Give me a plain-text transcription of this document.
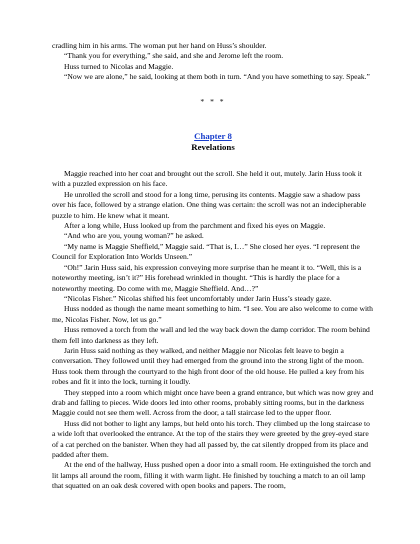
cradling him in his arms. The woman put her hand on Huss’s shoulder.

“Thank you for everything,” she said, and she and Jerome left the room.

Huss turned to Nicolas and Maggie.

“Now we are alone,” he said, looking at them both in turn. “And you have something to say. Speak.”

* * *
Chapter 8
Revelations

Maggie reached into her coat and brought out the scroll. She held it out, mutely. Jarin Huss took it with a puzzled expression on his face.

He unrolled the scroll and stood for a long time, perusing its contents. Maggie saw a shadow pass over his face, followed by a strange elation. One thing was certain: the scroll was not an indecipherable puzzle to him. He knew what it meant.

After a long while, Huss looked up from the parchment and fixed his eyes on Maggie.

“And who are you, young woman?” he asked.

“My name is Maggie Sheffield,” Maggie said. “That is, I…” She closed her eyes. “I represent the Council for Exploration Into Worlds Unseen.”

“Oh!” Jarin Huss said, his expression conveying more surprise than he meant it to. “Well, this is a noteworthy meeting, isn’t it?” His forehead wrinkled in thought. “This is hardly the place for a noteworthy meeting. Do come with me, Maggie Sheffield. And…?”

“Nicolas Fisher.” Nicolas shifted his feet uncomfortably under Jarin Huss’s steady gaze.

Huss nodded as though the name meant something to him. “I see. You are also welcome to come with me, Nicolas Fisher. Now, let us go.”

Huss removed a torch from the wall and led the way back down the damp corridor. The room behind them fell into darkness as they left.

Jarin Huss said nothing as they walked, and neither Maggie nor Nicolas felt leave to begin a conversation. They followed until they had emerged from the ground into the strong light of the moon. Huss took them through the courtyard to the high front door of the old house. He pulled a key from his robes and fit it into the lock, turning it loudly.

They stepped into a room which might once have been a grand entrance, but which was now grey and drab and falling to pieces. Wide doors led into other rooms, probably sitting rooms, but in the darkness Maggie could not see them well. Across from the door, a tall staircase led to the upper floor.

Huss did not bother to light any lamps, but held onto his torch. They climbed up the long staircase to a wide loft that overlooked the entrance. At the top of the stairs they were greeted by the grey-eyed stare of a cat perched on the banister. When they had all passed by, the cat silently dropped from its place and padded after them.

At the end of the hallway, Huss pushed open a door into a small room. He extinguished the torch and lit lamps all around the room, filling it with warm light. He finished by touching a match to an oil lamp that squatted on an oak desk covered with open books and papers. The room,
